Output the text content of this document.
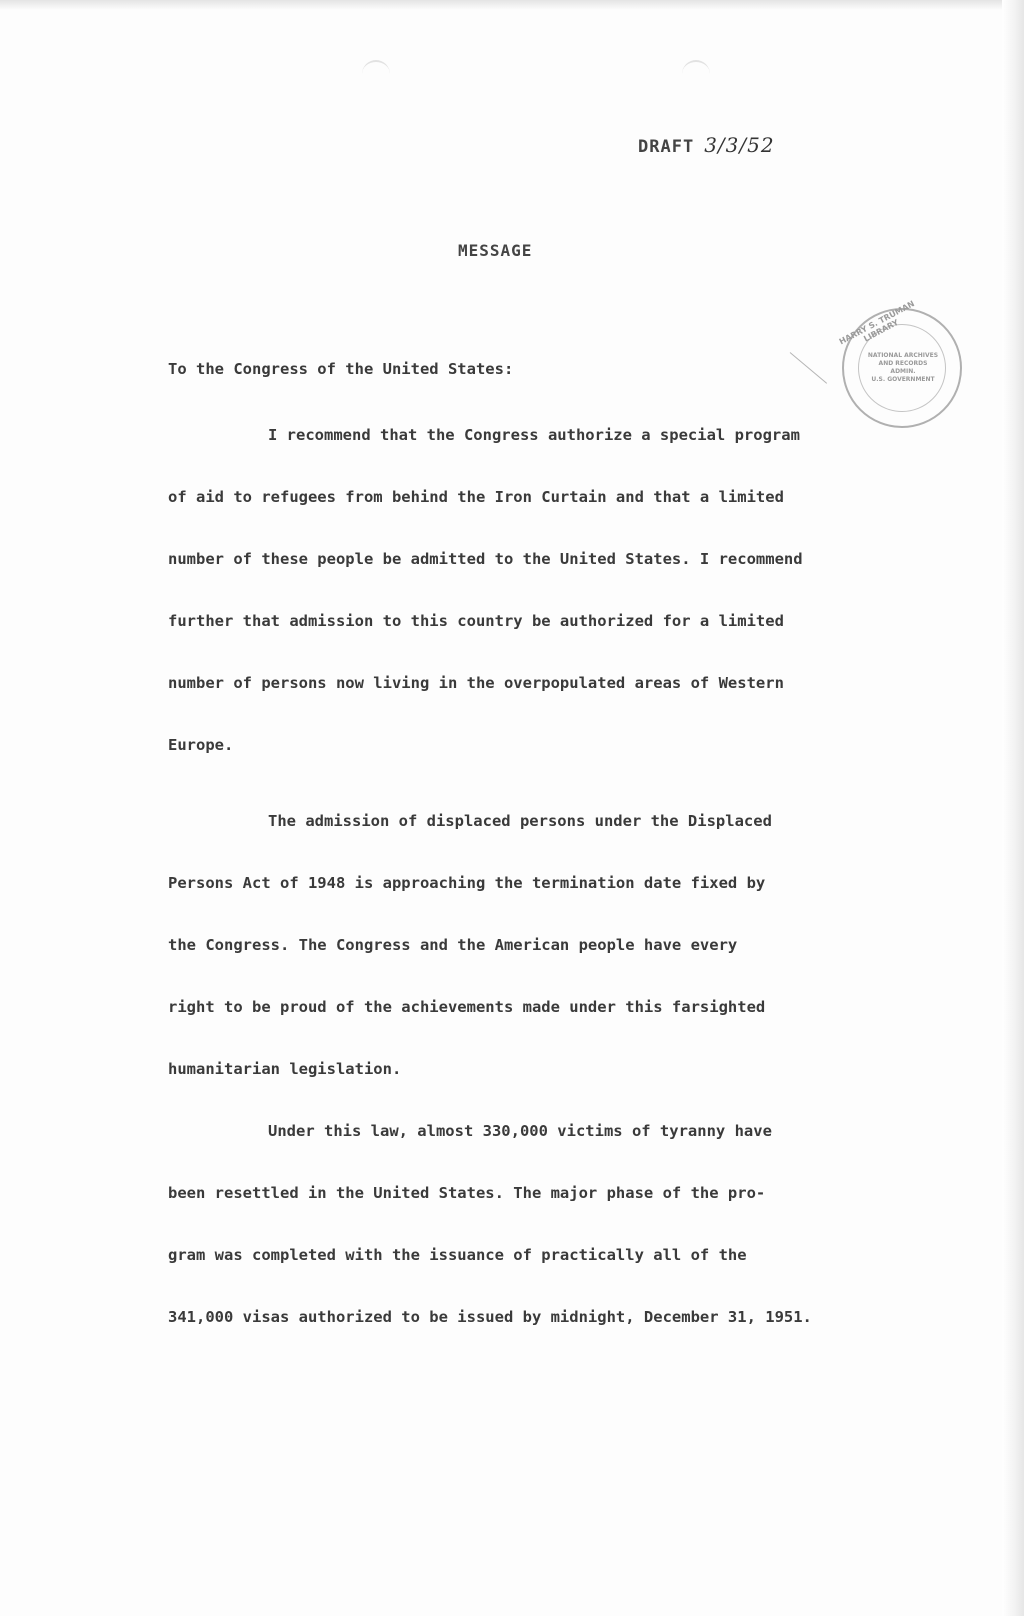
DRAFT 3/3/52
MESSAGE
HARRY S. TRUMAN LIBRARY
NATIONAL ARCHIVES AND RECORDS ADMIN.
U.S. GOVERNMENT
To the Congress of the United States:
I recommend that the Congress authorize a special program
of aid to refugees from behind the Iron Curtain and that a limited
number of these people be admitted to the United States. I recommend
further that admission to this country be authorized for a limited
number of persons now living in the overpopulated areas of Western
Europe.
The admission of displaced persons under the Displaced
Persons Act of 1948 is approaching the termination date fixed by
the Congress. The Congress and the American people have every
right to be proud of the achievements made under this farsighted
humanitarian legislation.
Under this law, almost 330,000 victims of tyranny have
been resettled in the United States. The major phase of the pro-
gram was completed with the issuance of practically all of the
341,000 visas authorized to be issued by midnight, December 31, 1951.
